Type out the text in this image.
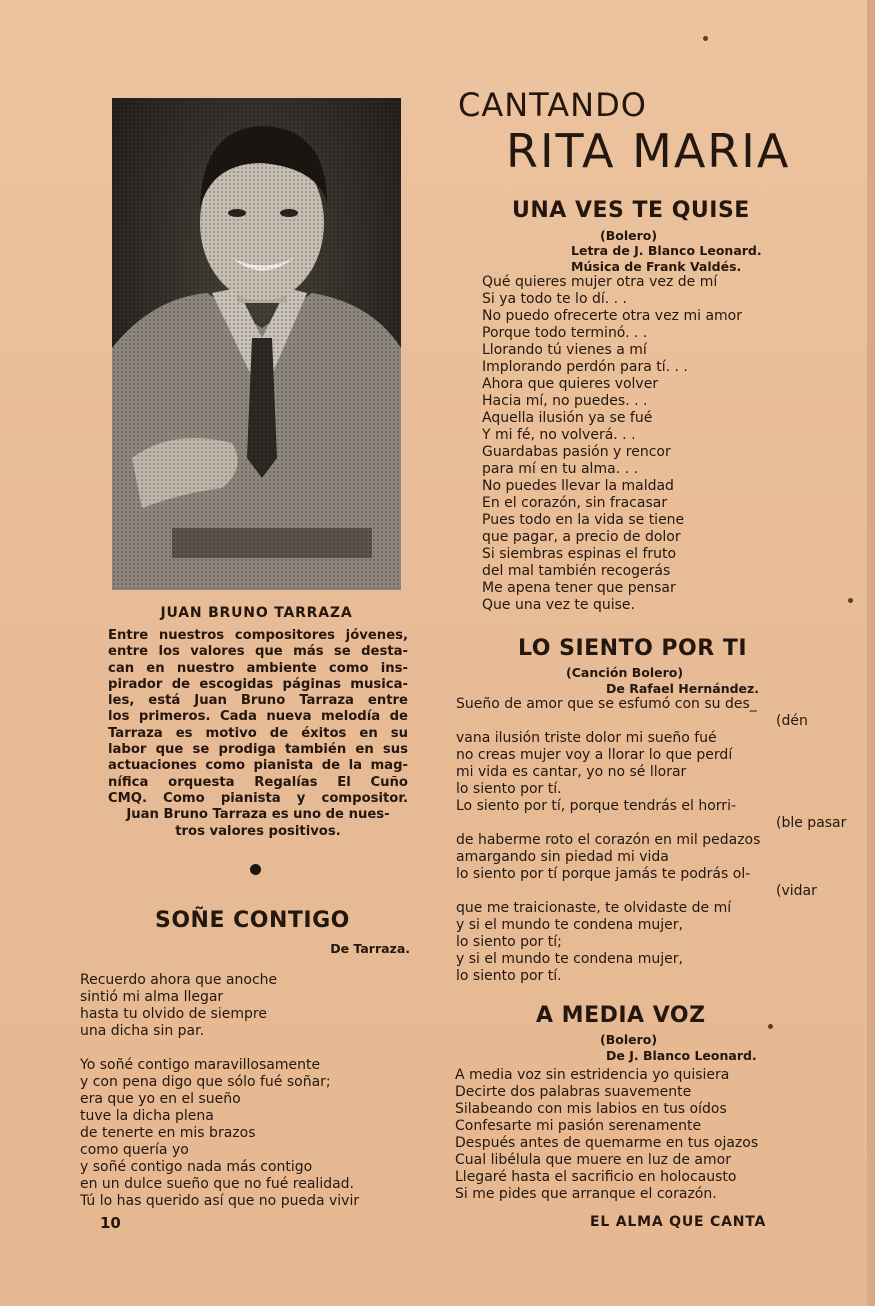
JUAN BRUNO TARRAZA
Entre nuestros compositores jóvenes,
entre los valores que más se desta-
can en nuestro ambiente como ins-
pirador de escogidas páginas musica-
les, está Juan Bruno Tarraza entre
los primeros. Cada nueva melodía de
Tarraza es motivo de éxitos en su
labor que se prodiga también en sus
actuaciones como pianista de la mag-
nífica orquesta Regalías El Cuño
CMQ. Como pianista y compositor.
Juan Bruno Tarraza es uno de nues-
tros valores positivos.
SOÑE CONTIGO
De Tarraza.
Recuerdo ahora que anoche
sintió mi alma llegar
hasta tu olvido de siempre
una dicha sin par.
Yo soñé contigo maravillosamente
y con pena digo que sólo fué soñar;
era que yo en el sueño
tuve la dicha plena
de tenerte en mis brazos
como quería yo
y soñé contigo nada más contigo
en un dulce sueño que no fué realidad.
Tú lo has querido así que no pueda vivir
10	EL ALMA QUE CANTA
CANTANDO
RITA MARIA
UNA VES TE QUISE
(Bolero)
Letra de J. Blanco Leonard.
Música de Frank Valdés.
Qué quieres mujer otra vez de mí
Si ya todo te lo dí. . .
No puedo ofrecerte otra vez mi amor
Porque todo terminó. . .
Llorando tú vienes a mí
Implorando perdón para tí. . .
Ahora que quieres volver
Hacia mí, no puedes. . .
Aquella ilusión ya se fué
Y mi fé, no volverá. . .
Guardabas pasión y rencor
para mí en tu alma. . .
No puedes llevar la maldad
En el corazón, sin fracasar
Pues todo en la vida se tiene
que pagar, a precio de dolor
Si siembras espinas el fruto
del mal también recogerás
Me apena tener que pensar
Que una vez te quise.
LO SIENTO POR TI
(Canción Bolero)
De Rafael Hernández.
Sueño de amor que se esfumó con su des_
(dén
vana ilusión triste dolor mi sueño fué
no creas mujer voy a llorar lo que perdí
mi vida es cantar, yo no sé llorar
lo siento por tí.
Lo siento por tí, porque tendrás el horri-
(ble pasar
de haberme roto el corazón en mil pedazos
amargando sin piedad mi vida
lo siento por tí porque jamás te podrás ol-
(vidar
que me traicionaste, te olvidaste de mí
y si el mundo te condena mujer,
lo siento por tí;
y si el mundo te condena mujer,
lo siento por tí.
A MEDIA VOZ
(Bolero)
De J. Blanco Leonard.
A media voz sin estridencia yo quisiera
Decirte dos palabras suavemente
Silabeando con mis labios en tus oídos
Confesarte mi pasión serenamente
Después antes de quemarme en tus ojazos
Cual libélula que muere en luz de amor
Llegaré hasta el sacrificio en holocausto
Si me pides que arranque el corazón.
